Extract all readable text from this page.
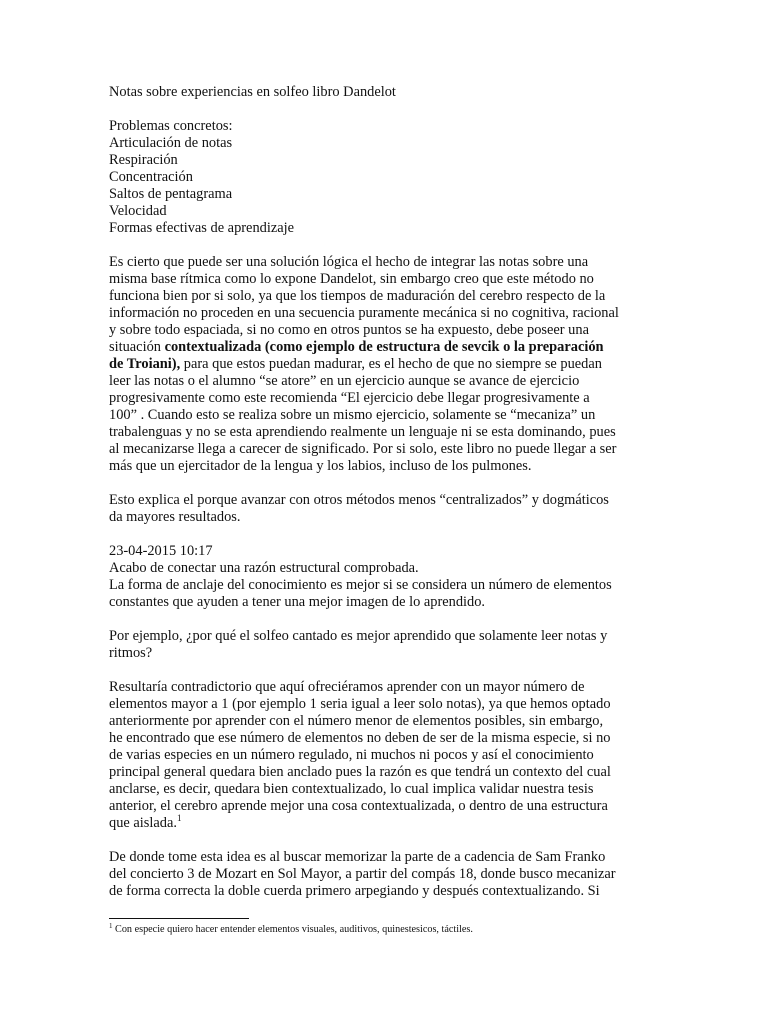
Notas sobre experiencias en solfeo libro Dandelot
Problemas concretos:
Articulación de notas
Respiración
Concentración
Saltos de pentagrama
Velocidad
Formas efectivas de aprendizaje
Es cierto que puede ser una solución lógica el hecho de integrar las notas sobre una
misma base rítmica como lo expone Dandelot, sin embargo creo que este método no
funciona bien por si solo, ya que los tiempos de maduración del cerebro respecto de la
información no proceden en una secuencia puramente mecánica si no cognitiva, racional
y sobre todo espaciada, si no como en otros puntos se ha expuesto, debe poseer una
situación contextualizada (como ejemplo de estructura de sevcik o la preparación
de Troiani), para que estos puedan madurar, es el hecho de que no siempre se puedan
leer las notas o el alumno “se atore” en un ejercicio aunque se avance de ejercicio
progresivamente como este recomienda “El ejercicio debe llegar progresivamente a
100” . Cuando esto se realiza sobre un mismo ejercicio, solamente se “mecaniza” un
trabalenguas y no se esta aprendiendo realmente un lenguaje ni se esta dominando, pues
al mecanizarse llega a carecer de significado. Por si solo, este libro no puede llegar a ser
más que un ejercitador de la lengua y los labios, incluso de los pulmones.
Esto explica el porque avanzar con otros métodos menos “centralizados” y dogmáticos
da mayores resultados.
23-04-2015 10:17
Acabo de conectar una razón estructural comprobada.
La forma de anclaje del conocimiento es mejor si se considera un número de elementos
constantes que ayuden a tener una mejor imagen de lo aprendido.
Por ejemplo, ¿por qué el solfeo cantado es mejor aprendido que solamente leer notas y
ritmos?
Resultaría contradictorio que aquí ofreciéramos aprender con un mayor número de
elementos mayor a 1 (por ejemplo 1 seria igual a leer solo notas), ya que hemos optado
anteriormente por aprender con el número menor de elementos posibles, sin embargo,
he encontrado que ese número de elementos no deben de ser de la misma especie, si no
de varias especies en un número regulado, ni muchos ni pocos y así el conocimiento
principal general quedara bien anclado pues la razón es que tendrá un contexto del cual
anclarse, es decir, quedara bien contextualizado, lo cual implica validar nuestra tesis
anterior, el cerebro aprende mejor una cosa contextualizada, o dentro de una estructura
que aislada.$^1$
De donde tome esta idea es al buscar memorizar la parte de a cadencia de Sam Franko
del concierto 3 de Mozart en Sol Mayor, a partir del compás 18, donde busco mecanizar
de forma correcta la doble cuerda primero arpegiando y después contextualizando. Si
$^1$ Con especie quiero hacer entender elementos visuales, auditivos, quinestesicos, táctiles.
